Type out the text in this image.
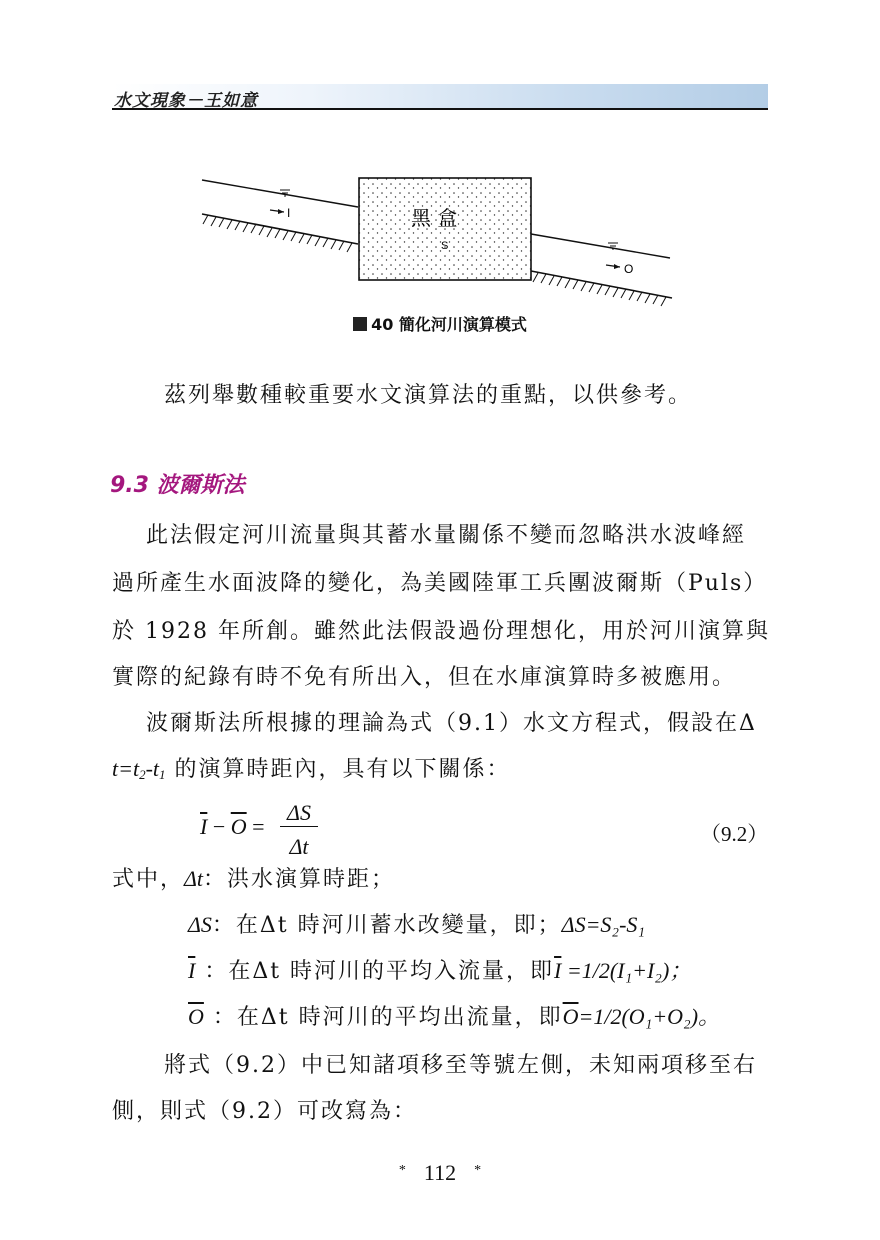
水文現象－王如意
I	黑 盒
S
O
40 簡化河川演算模式
茲列舉數種較重要水文演算法的重點，以供參考。
9.3 波爾斯法
此法假定河川流量與其蓄水量關係不變而忽略洪水波峰經
過所產生水面波降的變化，為美國陸軍工兵團波爾斯（Puls）
於 1928 年所創。雖然此法假設過份理想化，用於河川演算與
實際的紀錄有時不免有所出入，但在水庫演算時多被應用。
波爾斯法所根據的理論為式（9.1）水文方程式，假設在Δ
$t=t_2-t_1$ 的演算時距內，具有以下關係：
$\overline{I} - \overline{O}$ =
ΔS
Δt	（9.2）
式中，Δt：洪水演算時距；
ΔS：在Δt 時河川蓄水改變量，即；ΔS=S₂-S₁
$\overline{I}$ ：在Δt 時河川的平均入流量，即$\overline{I} =1/2(I_1+I_2)$；
$\overline{O}$ ：在Δt 時河川的平均出流量，即$\overline{O}=1/2(O_1+O_2)$。
將式（9.2）中已知諸項移至等號左側，未知兩項移至右
側，則式（9.2）可改寫為：
* 112 *
